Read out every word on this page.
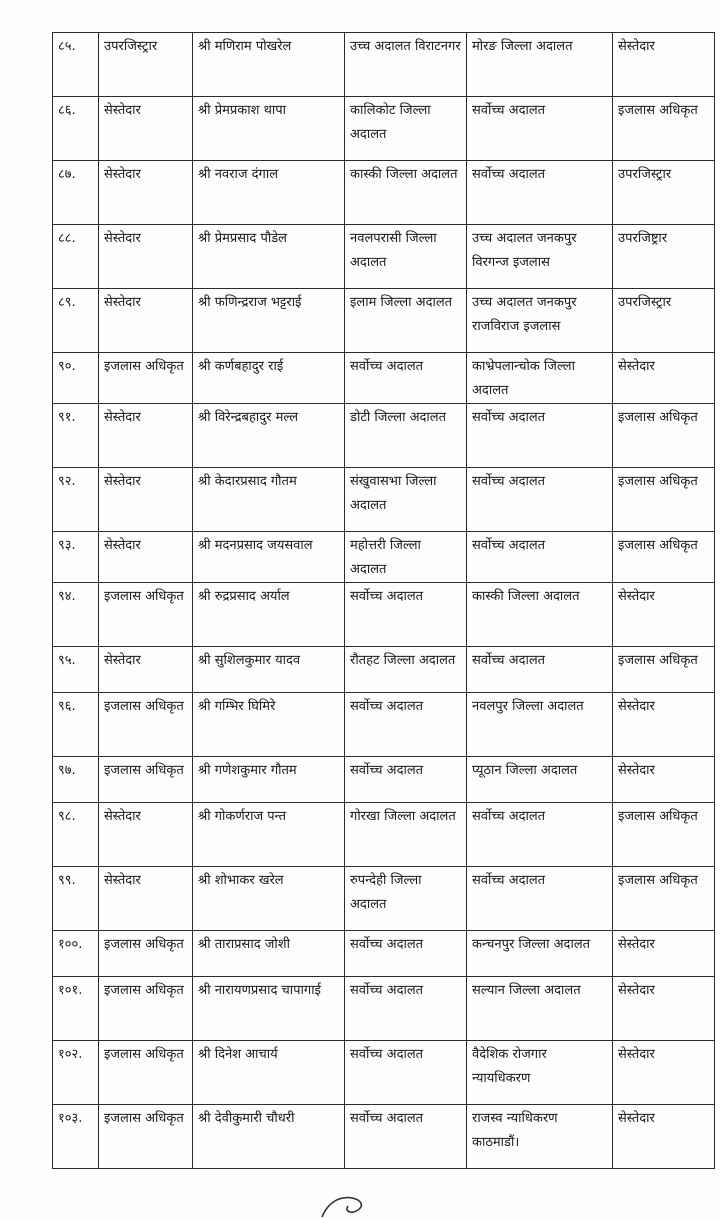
८५.	उपरजिस्ट्रार	श्री मणिराम पोखरेल	उच्च अदालत विराटनगर	मोरङ जिल्ला अदालत	सेस्तेदार
८६.	सेस्तेदार	श्री प्रेमप्रकाश थापा	कालिकोट जिल्ला अदालत	सर्वोच्च अदालत	इजलास अधिकृत
८७.	सेस्तेदार	श्री नवराज दंगाल	कास्की जिल्ला अदालत	सर्वोच्च अदालत	उपरजिस्ट्रार
८८.	सेस्तेदार	श्री प्रेमप्रसाद पौडेल	नवलपरासी जिल्ला अदालत	उच्च अदालत जनकपुर विरगन्ज इजलास	उपरजिष्ट्रार
८९.	सेस्तेदार	श्री फणिन्द्रराज भट्टराई	इलाम जिल्ला अदालत	उच्च अदालत जनकपुर राजविराज इजलास	उपरजिस्ट्रार
९०.	इजलास अधिकृत	श्री कर्णबहादुर राई	सर्वोच्च अदालत	काभ्रेपलान्चोक जिल्ला अदालत	सेस्तेदार
९१.	सेस्तेदार	श्री विरेन्द्रबहादुर मल्ल	डोटी जिल्ला अदालत	सर्वोच्च अदालत	इजलास अधिकृत
९२.	सेस्तेदार	श्री केदारप्रसाद गौतम	संखुवासभा जिल्ला अदालत	सर्वोच्च अदालत	इजलास अधिकृत
९३.	सेस्तेदार	श्री मदनप्रसाद जयसवाल	महोत्तरी जिल्ला अदालत	सर्वोच्च अदालत	इजलास अधिकृत
९४.	इजलास अधिकृत	श्री रुद्रप्रसाद अर्याल	सर्वोच्च अदालत	कास्की जिल्ला अदालत	सेस्तेदार
९५.	सेस्तेदार	श्री सुशिलकुमार यादव	रौतहट जिल्ला अदालत	सर्वोच्च अदालत	इजलास अधिकृत
९६.	इजलास अधिकृत	श्री गम्भिर घिमिरे	सर्वोच्च अदालत	नवलपुर जिल्ला अदालत	सेस्तेदार
९७.	इजलास अधिकृत	श्री गणेशकुमार गौतम	सर्वोच्च अदालत	प्यूठान जिल्ला अदालत	सेस्तेदार
९८.	सेस्तेदार	श्री गोकर्णराज पन्त	गोरखा जिल्ला अदालत	सर्वोच्च अदालत	इजलास अधिकृत
९९.	सेस्तेदार	श्री शोभाकर खरेल	रुपन्देही जिल्ला अदालत	सर्वोच्च अदालत	इजलास अधिकृत
१००.	इजलास अधिकृत	श्री ताराप्रसाद जोशी	सर्वोच्च अदालत	कन्चनपुर जिल्ला अदालत	सेस्तेदार
१०१.	इजलास अधिकृत	श्री नारायणप्रसाद चापागाई	सर्वोच्च अदालत	सल्यान जिल्ला अदालत	सेस्तेदार
१०२.	इजलास अधिकृत	श्री दिनेश आचार्य	सर्वोच्च अदालत	वैदेशिक रोजगार न्यायधिकरण	सेस्तेदार
१०३.	इजलास अधिकृत	श्री देवीकुमारी चौधरी	सर्वोच्च अदालत	राजस्व न्याधिकरण काठमाडौं।	सेस्तेदार
